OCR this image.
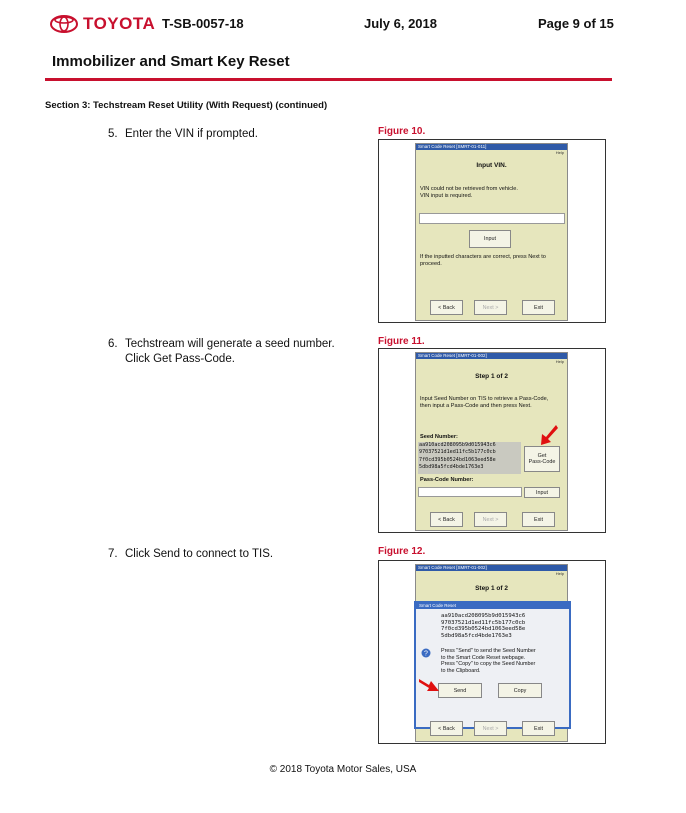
TOYOTA T-SB-0057-18	July 6, 2018	Page 9 of 15
Immobilizer and Smart Key Reset
Section 3: Techstream Reset Utility (With Request) (continued)
5. Enter the VIN if prompted.
6. Techstream will generate a seed number.
Click Get Pass-Code.
7. Click Send to connect to TIS.
Figure 10.
Smart Code Reset [SMRT-01-011]
Help
Input VIN.
VIN could not be retrieved from vehicle.
VIN input is required.
Input
If the inputted characters are correct, press Next to
proceed.
< Back	Next >	Exit
Figure 11.
Smart Code Reset [SMRT-01-002]
Help
Step 1 of 2
Input Seed Number on TIS to retrieve a Pass-Code,
then input a Pass-Code and then press Next.
Seed Number:
aa910acd208095b9d015943c6
97037521d1ed11fc5b177c0cb
7f0cd395b0524bd1063eed58e
5dbd98a5fcd4bde1763e3
Get
Pass-Code
Pass-Code Number:
Input
< Back	Next >	Exit
Figure 12.
Smart Code Reset [SMRT-01-002]
Help
Step 1 of 2
Smart Code Reset
aa910acd208095b9d015943c6
97037521d1ed11fc5b177c0cb
7f0cd395b0524bd1063eed58e
5dbd98a5fcd4bde1763e3
? Press "Send" to send the Seed Number
to the Smart Code Reset webpage.
Press "Copy" to copy the Seed Number
to the Clipboard.
Send	Copy
< Back	Next >	Exit
© 2018 Toyota Motor Sales, USA
